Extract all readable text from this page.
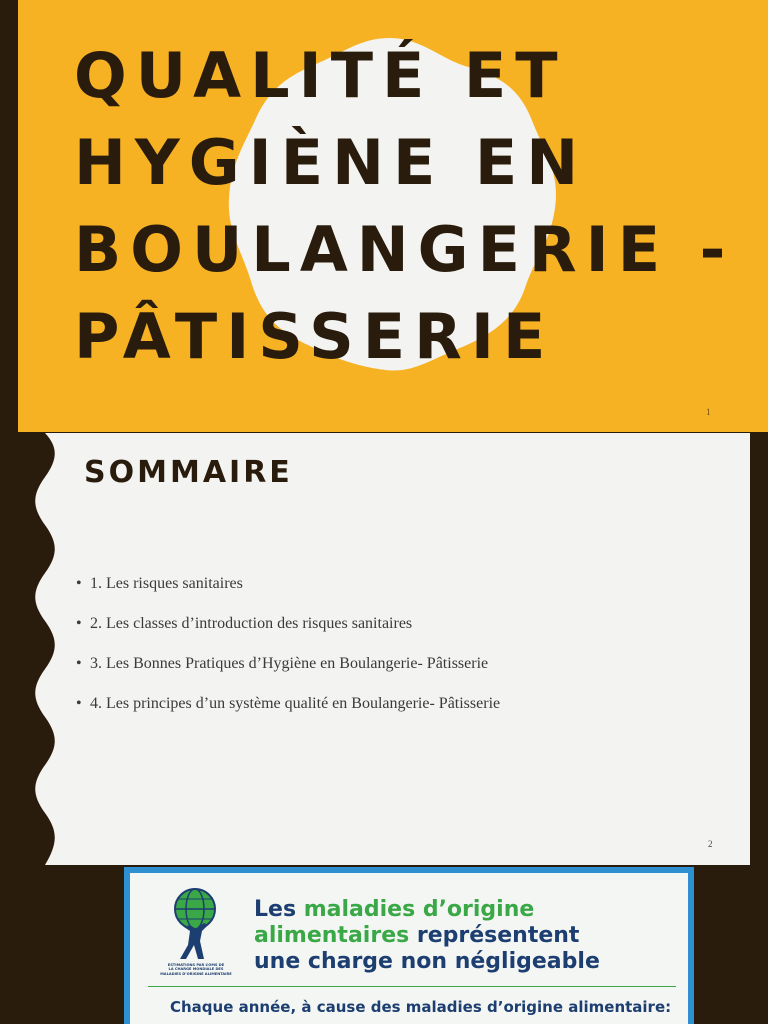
QUALITÉ ET HYGIÈNE EN BOULANGERIE - PÂTISSERIE
1
SOMMAIRE
• 1. Les risques sanitaires
• 2. Les classes d’introduction des risques sanitaires
• 3. Les Bonnes Pratiques d’Hygiène en Boulangerie- Pâtisserie
• 4. Les principes d’un système qualité en Boulangerie- Pâtisserie
2
ESTIMATIONS PAR L’OMS DE
LA CHARGE MONDIALE DES
MALADIES D’ORIGINE ALIMENTAIRE
Les maladies d’origine
alimentaires représentent
une charge non négligeable

Chaque année, à cause des maladies d’origine alimentaire:
